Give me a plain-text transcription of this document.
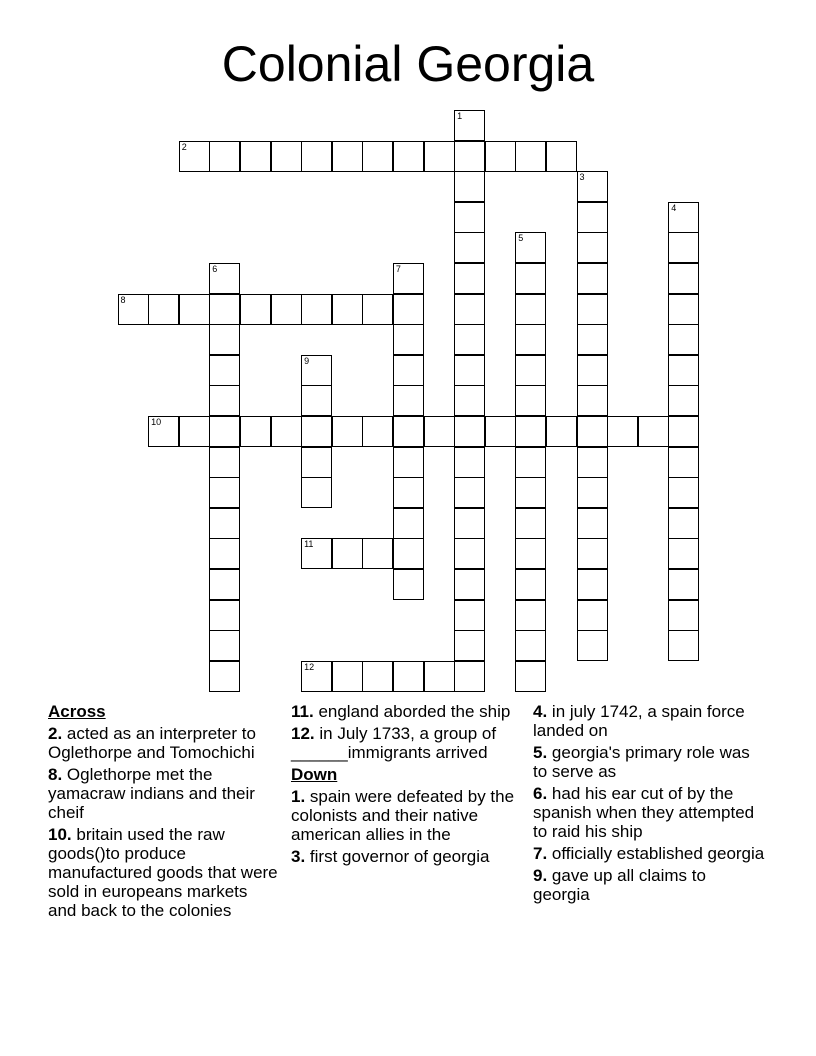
Colonial Georgia
1
2
3
4
5
6	7
8
9
10
11
12
Across
2. acted as an interpreter to Oglethorpe and Tomochichi
8. Oglethorpe met the yamacraw indians and their cheif
10. britain used the raw goods()to produce manufactured goods that were sold in europeans markets and back to the colonies
11. england aborded the ship
12. in July 1733, a group of ______immigrants arrived
Down
1. spain were defeated by the colonists and their native american allies in the
3. first governor of georgia
4. in july 1742, a spain force landed on
5. georgia's primary role was to serve as
6. had his ear cut of by the spanish when they attempted to raid his ship
7. officially established georgia
9. gave up all claims to georgia
